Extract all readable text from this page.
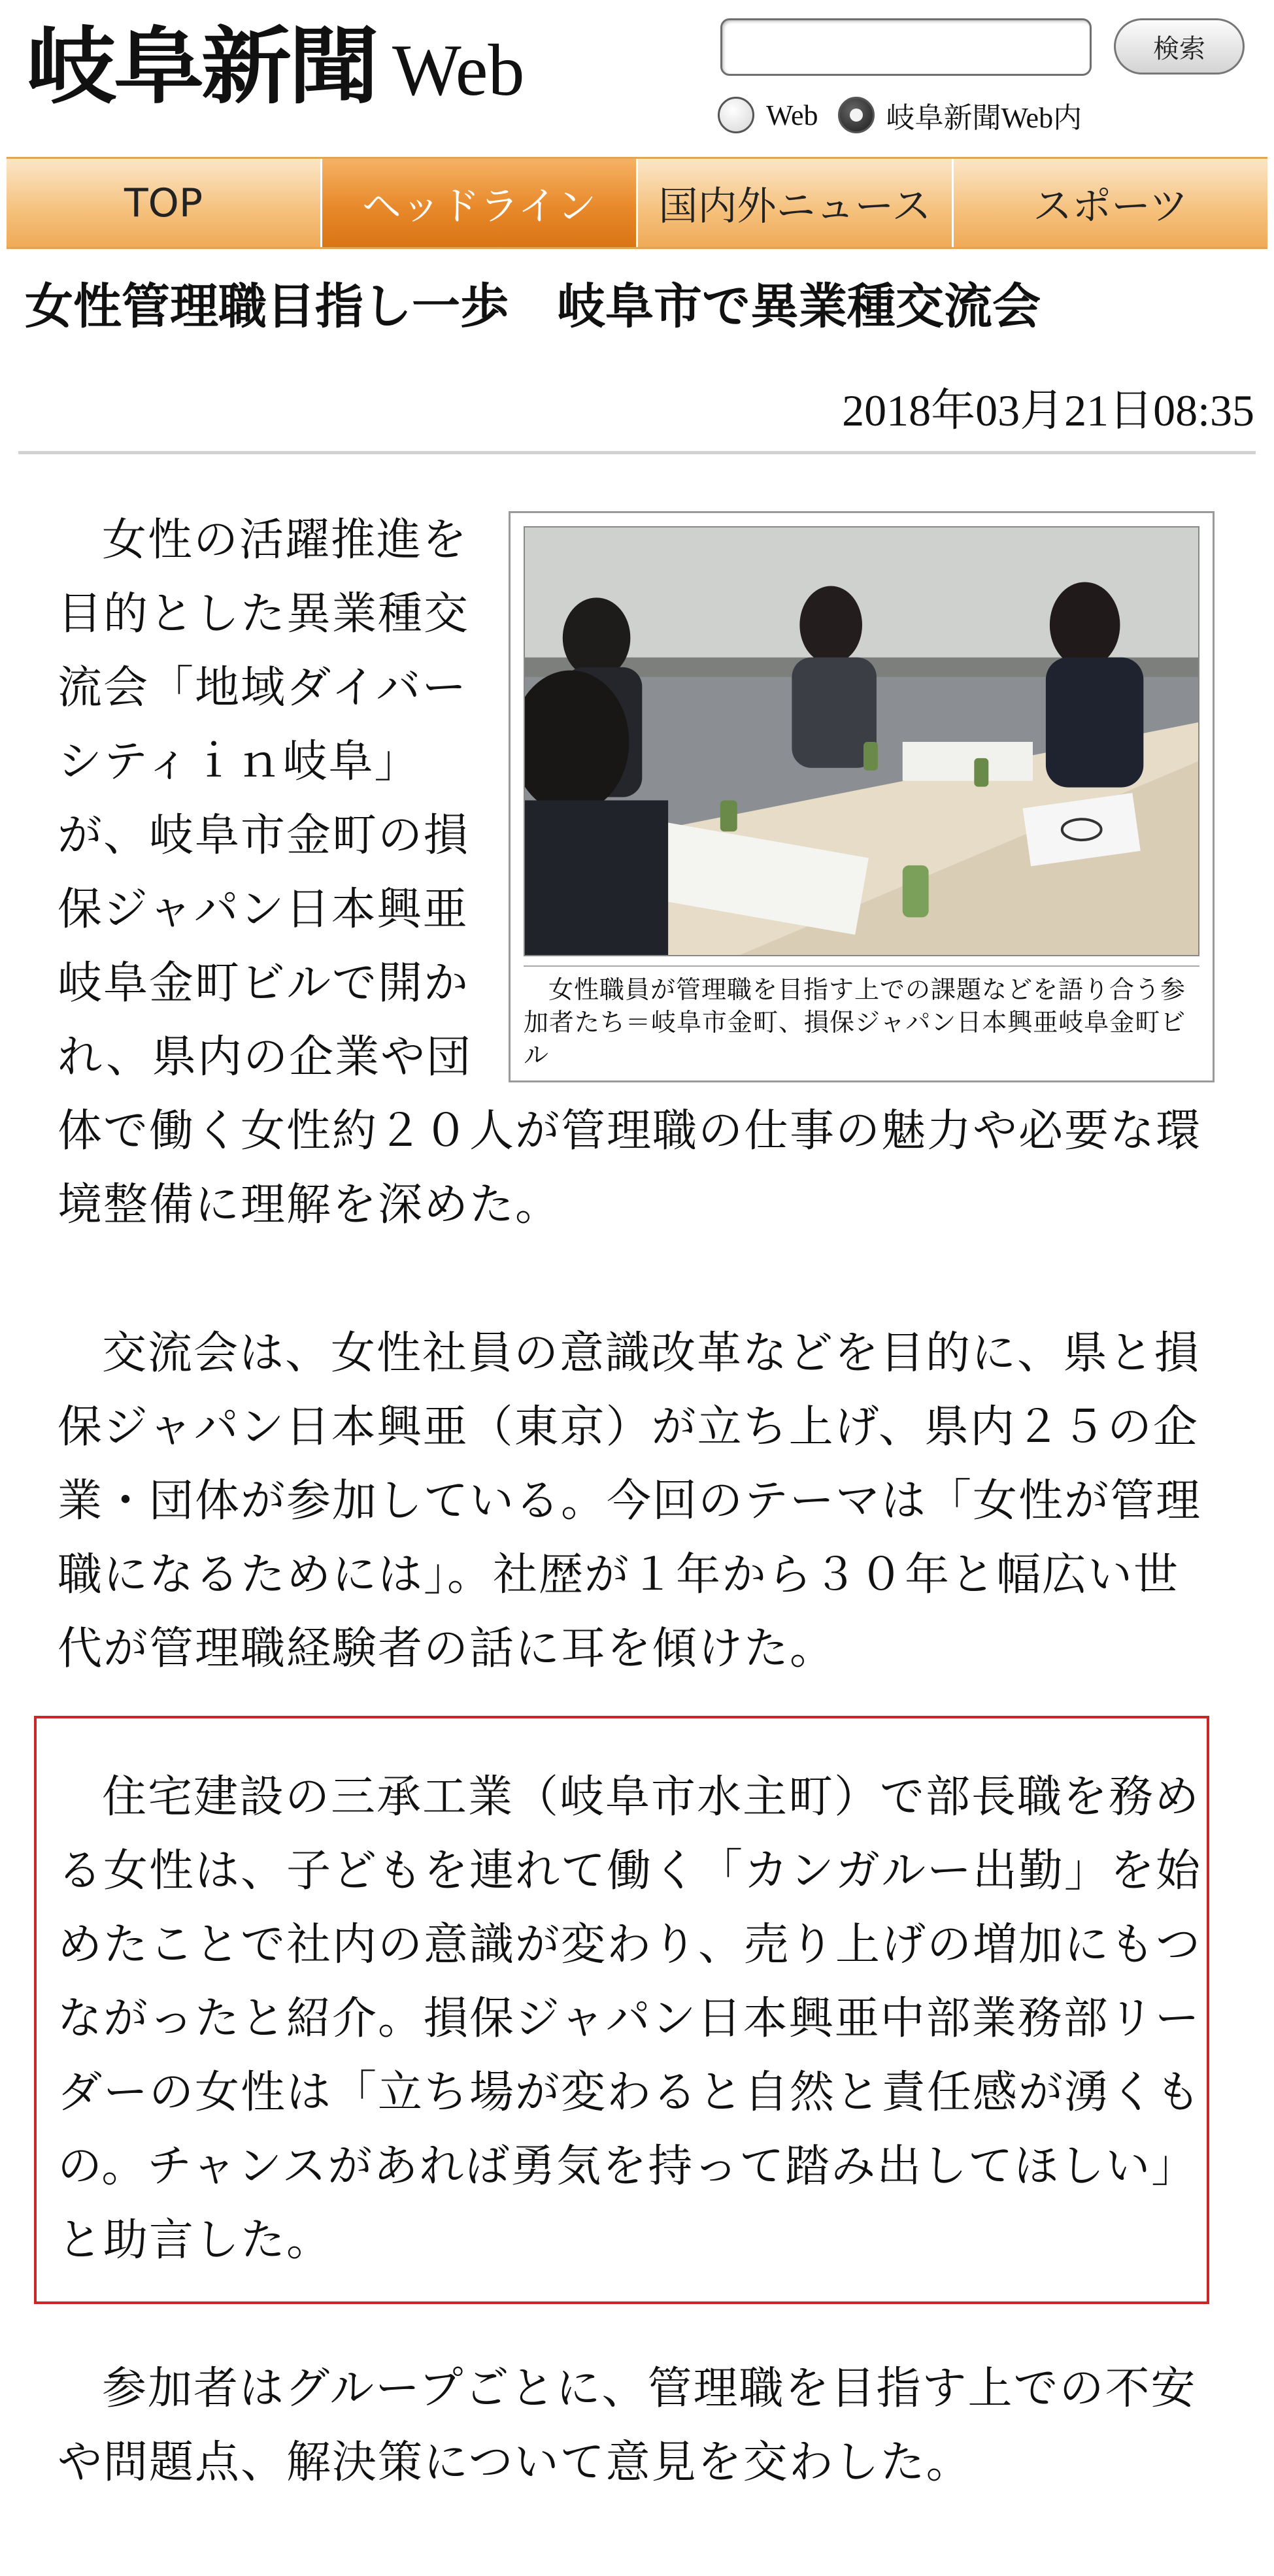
岐阜新聞 Web	検索
Web 岐阜新聞Web内
TOP	ヘッドライン	国内外ニュース	スポーツ
女性管理職目指し一歩　岐阜市で異業種交流会
2018年03月21日08:35
女性職員が管理職を目指す上での課題などを語り合う参加者たち＝岐阜市金町、損保ジャパン日本興亜岐阜金町ビル

女性の活躍推進を目的とした異業種交流会「地域ダイバーシティｉｎ岐阜」が、岐阜市金町の損保ジャパン日本興亜岐阜金町ビルで開かれ、県内の企業や団体で働く女性約２０人が管理職の仕事の魅力や必要な環境整備に理解を深めた。

交流会は、女性社員の意識改革などを目的に、県と損保ジャパン日本興亜（東京）が立ち上げ、県内２５の企業・団体が参加している。今回のテーマは「女性が管理職になるためには」。社歴が１年から３０年と幅広い世代が管理職経験者の話に耳を傾けた。

住宅建設の三承工業（岐阜市水主町）で部長職を務める女性は、子どもを連れて働く「カンガルー出勤」を始めたことで社内の意識が変わり、売り上げの増加にもつながったと紹介。損保ジャパン日本興亜中部業務部リーダーの女性は「立ち場が変わると自然と責任感が湧くもの。チャンスがあれば勇気を持って踏み出してほしい」と助言した。

参加者はグループごとに、管理職を目指す上での不安や問題点、解決策について意見を交わした。
